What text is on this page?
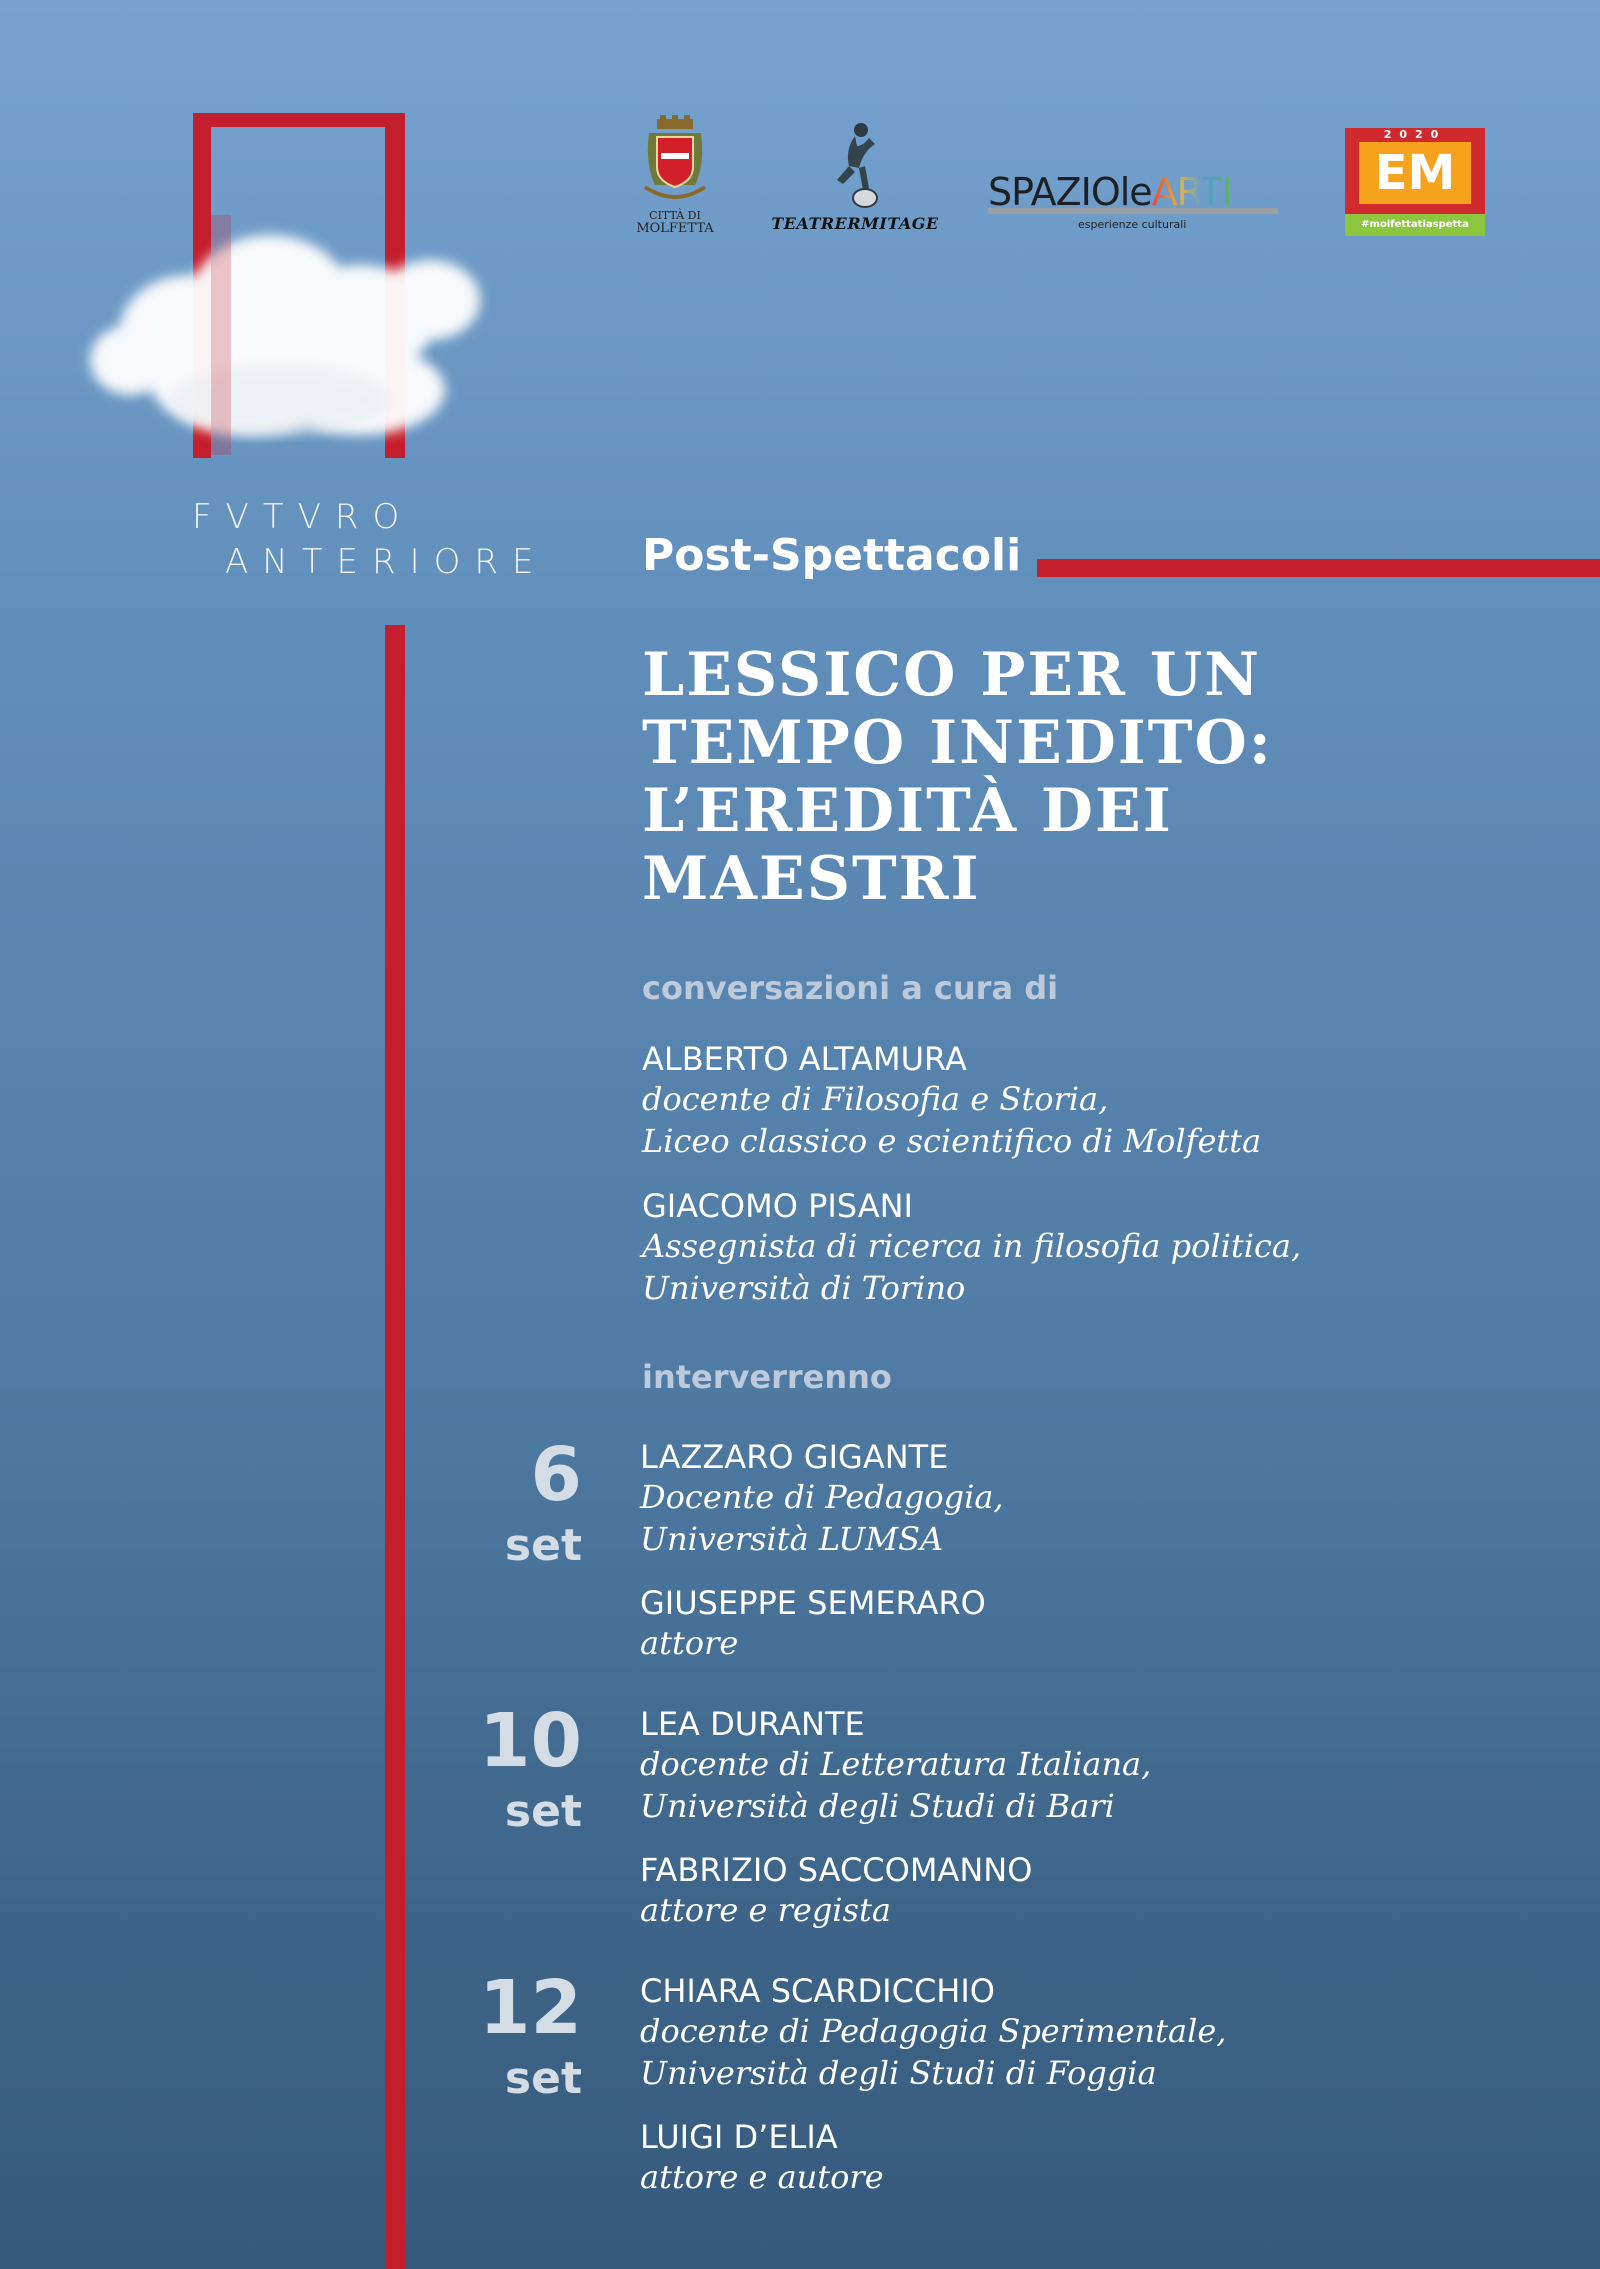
CITTÀ DI
MOLFETTA	TEATRERMITAGE
SPAZIOleARTI
esperienze culturali
2020
EM
#molfettatiaspetta
FVTVRO
ANTERIORE Post-Spettacoli
LESSICO PER UN
TEMPO INEDITO:
L’EREDITÀ DEI
MAESTRI
conversazioni a cura di
ALBERTO ALTAMURA
docente di Filosofia e Storia,
Liceo classico e scientifico di Molfetta
GIACOMO PISANI
Assegnista di ricerca in filosofia politica,
Università di Torino
interverrenno
6
set
LAZZARO GIGANTE
Docente di Pedagogia,
Università LUMSA
GIUSEPPE SEMERARO
attore
10
set
LEA DURANTE
docente di Letteratura Italiana,
Università degli Studi di Bari
FABRIZIO SACCOMANNO
attore e regista
12
set
CHIARA SCARDICCHIO
docente di Pedagogia Sperimentale,
Università degli Studi di Foggia
LUIGI D’ELIA
attore e autore
